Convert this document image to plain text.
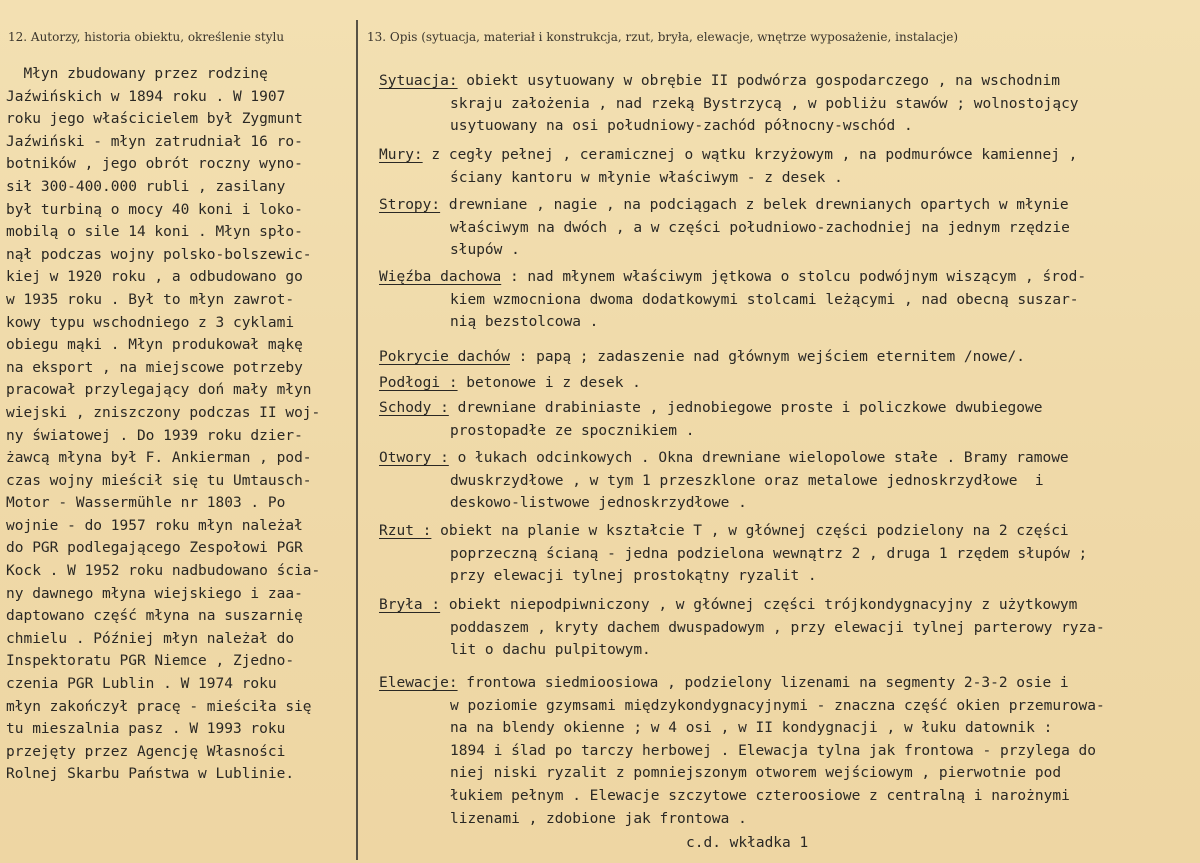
12. Autorzy, historia obiektu, określenie stylu	13. Opis (sytuacja, materiał i konstrukcja, rzut, bryła, elewacje, wnętrze wyposażenie, instalacje)
Młyn zbudowany przez rodzinę
Jaźwińskich w 1894 roku . W 1907
roku jego właścicielem był Zygmunt
Jaźwiński - młyn zatrudniał 16 ro-
botników , jego obrót roczny wyno-
sił 300-400.000 rubli , zasilany
był turbiną o mocy 40 koni i loko-
mobilą o sile 14 koni . Młyn spło-
nął podczas wojny polsko-bolszewic-
kiej w 1920 roku , a odbudowano go
w 1935 roku . Był to młyn zawrot-
kowy typu wschodniego z 3 cyklami
obiegu mąki . Młyn produkował mąkę
na eksport , na miejscowe potrzeby
pracował przylegający doń mały młyn
wiejski , zniszczony podczas II woj-
ny światowej . Do 1939 roku dzier-
żawcą młyna był F. Ankierman , pod-
czas wojny mieścił się tu Umtausch-
Motor - Wassermühle nr 1803 . Po
wojnie - do 1957 roku młyn należał
do PGR podlegającego Zespołowi PGR
Kock . W 1952 roku nadbudowano ścia-
ny dawnego młyna wiejskiego i zaa-
daptowano część młyna na suszarnię
chmielu . Później młyn należał do
Inspektoratu PGR Niemce , Zjedno-
czenia PGR Lublin . W 1974 roku
młyn zakończył pracę - mieściła się
tu mieszalnia pasz . W 1993 roku
przejęty przez Agencję Własności
Rolnej Skarbu Państwa w Lublinie.
Sytuacja: obiekt usytuowany w obrębie II podwórza gospodarczego , na wschodnim
skraju założenia , nad rzeką Bystrzycą , w pobliżu stawów ; wolnostojący
usytuowany na osi południowy-zachód północny-wschód .
Mury: z cegły pełnej , ceramicznej o wątku krzyżowym , na podmurówce kamiennej ,
ściany kantoru w młynie właściwym - z desek .
Stropy: drewniane , nagie , na podciągach z belek drewnianych opartych w młynie
właściwym na dwóch , a w części południowo-zachodniej na jednym rzędzie
słupów .
Więźba dachowa : nad młynem właściwym jętkowa o stolcu podwójnym wiszącym , środ-
kiem wzmocniona dwoma dodatkowymi stolcami leżącymi , nad obecną suszar-
nią bezstolcowa .
Pokrycie dachów : papą ; zadaszenie nad głównym wejściem eternitem /nowe/.
Podłogi : betonowe i z desek .
Schody : drewniane drabiniaste , jednobiegowe proste i policzkowe dwubiegowe
prostopadłe ze spocznikiem .
Otwory : o łukach odcinkowych . Okna drewniane wielopolowe stałe . Bramy ramowe
dwuskrzydłowe , w tym 1 przeszklone oraz metalowe jednoskrzydłowe  i
deskowo-listwowe jednoskrzydłowe .
Rzut : obiekt na planie w kształcie T , w głównej części podzielony na 2 części
poprzeczną ścianą - jedna podzielona wewnątrz 2 , druga 1 rzędem słupów ;
przy elewacji tylnej prostokątny ryzalit .
Bryła : obiekt niepodpiwniczony , w głównej części trójkondygnacyjny z użytkowym
poddaszem , kryty dachem dwuspadowym , przy elewacji tylnej parterowy ryza-
lit o dachu pulpitowym.
Elewacje: frontowa siedmioosiowa , podzielony lizenami na segmenty 2-3-2 osie i
w poziomie gzymsami międzykondygnacyjnymi - znaczna część okien przemurowa-
na na blendy okienne ; w 4 osi , w II kondygnacji , w łuku datownik :
1894 i ślad po tarczy herbowej . Elewacja tylna jak frontowa - przylega do
niej niski ryzalit z pomniejszonym otworem wejściowym , pierwotnie pod
łukiem pełnym . Elewacje szczytowe czteroosiowe z centralną i narożnymi
lizenami , zdobione jak frontowa .
c.d. wkładka 1
